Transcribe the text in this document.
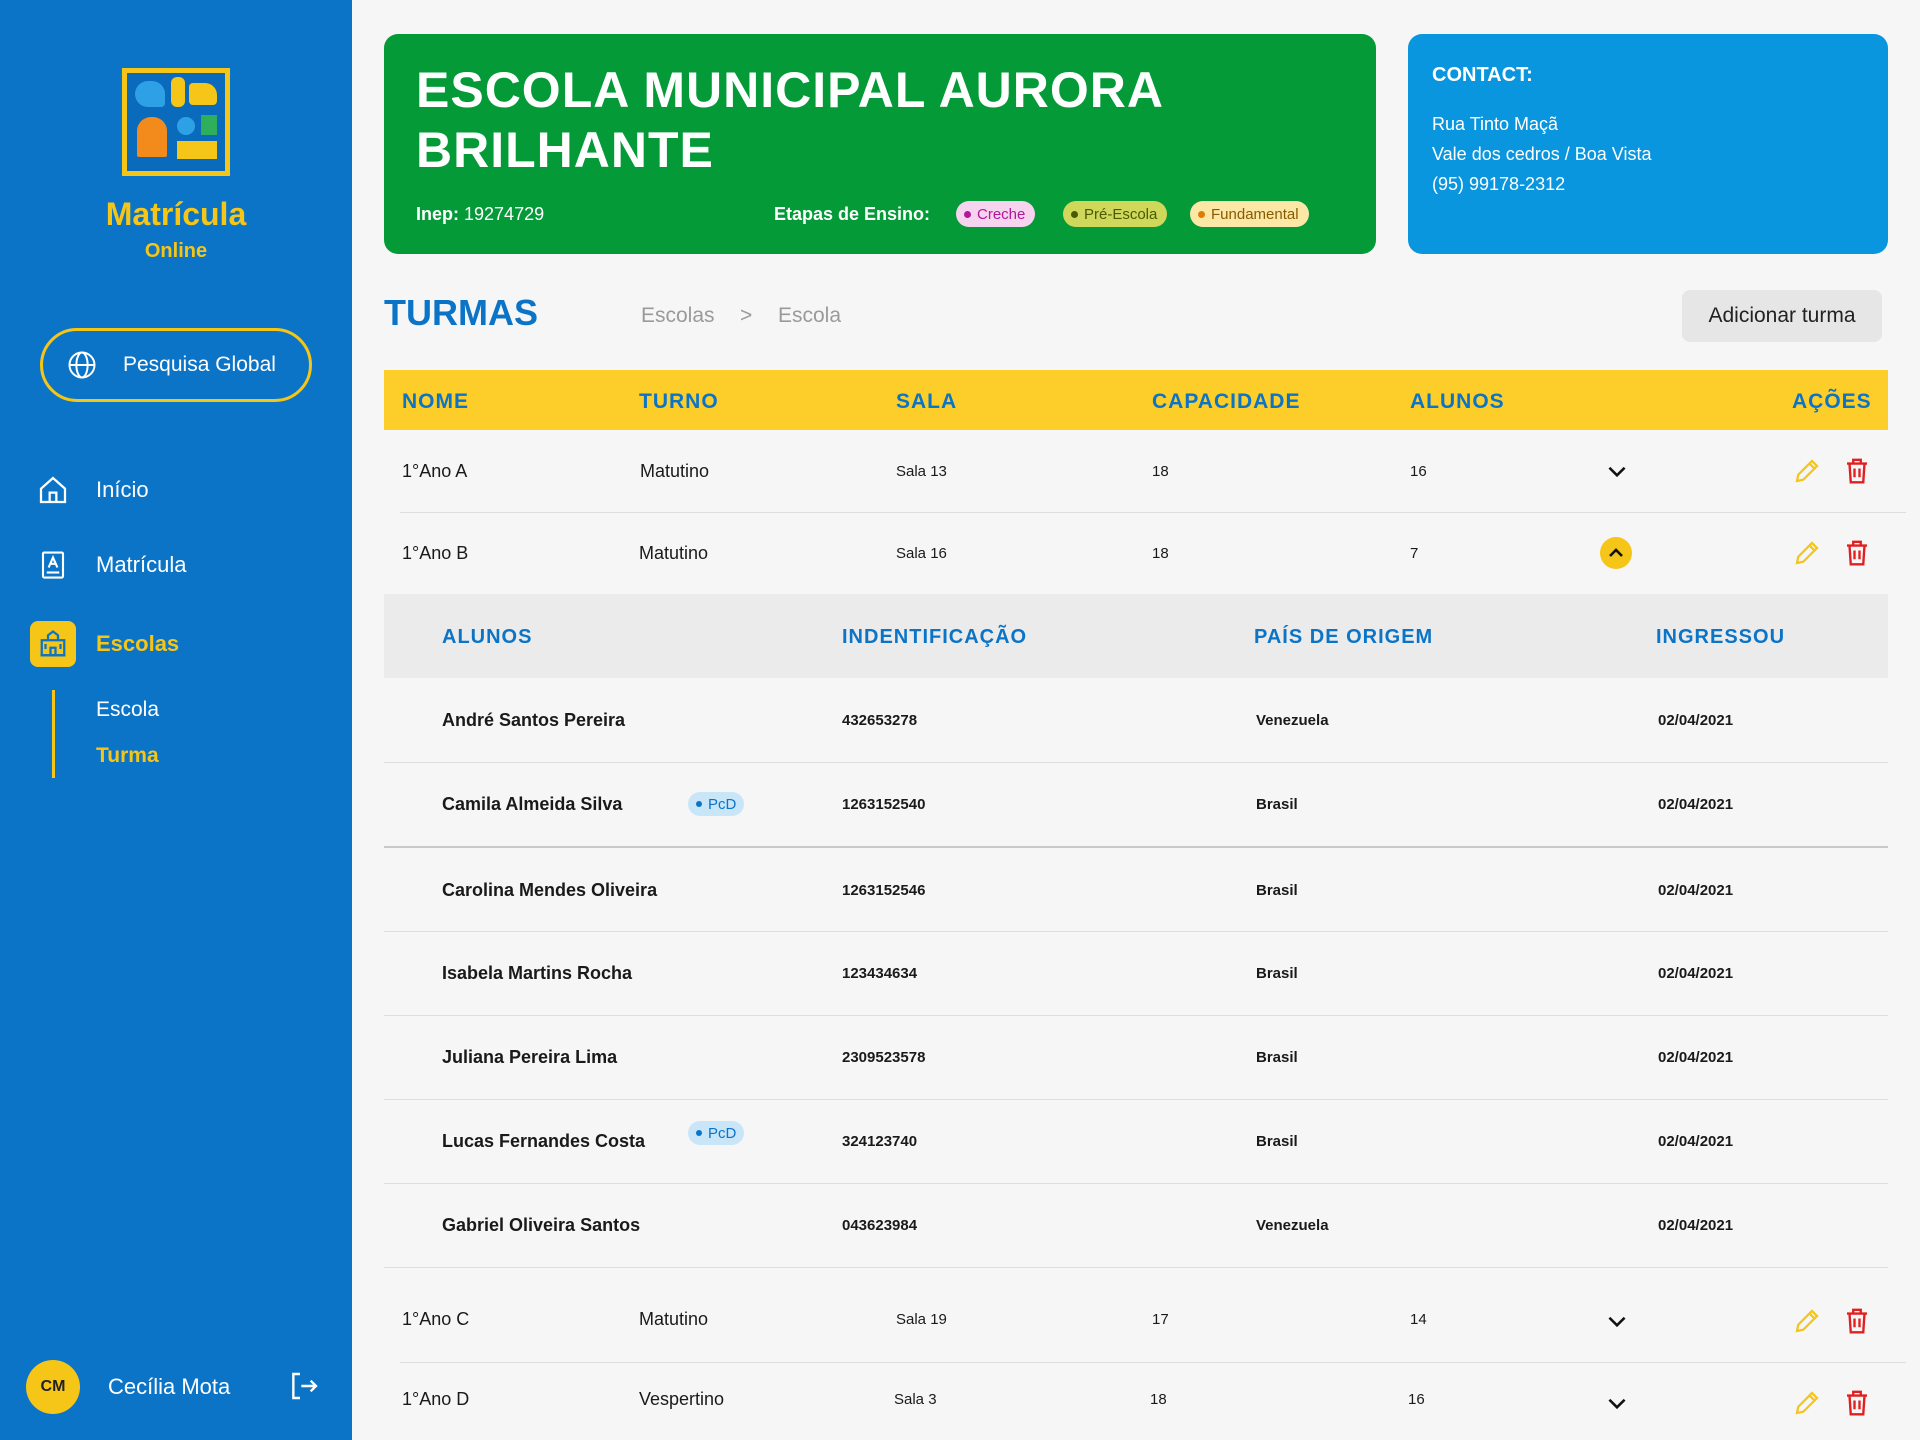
Matrícula
Online
Pesquisa Global
Início
Matrícula
Escolas
Escola
Turma
CM	Cecília Mota
ESCOLA MUNICIPAL AURORA BRILHANTE
Inep: 19274729	Etapas de Ensino:	Creche	Pré-Escola	Fundamental
CONTACT:
Rua Tinto Maçã
Vale dos cedros / Boa Vista
(95) 99178-2312
TURMAS	Escolas > Escola	Adicionar turma
NOME	TURNO	SALA	CAPACIDADE	ALUNOS	AÇÕES
1°Ano A	Matutino	Sala 13	18	16
1°Ano B	Matutino	Sala 16	18	7
ALUNOS	INDENTIFICAÇÃO	PAÍS DE ORIGEM	INGRESSOU
André Santos Pereira	432653278	Venezuela	02/04/2021
Camila Almeida Silva	PcD	1263152540	Brasil	02/04/2021
Carolina Mendes Oliveira	1263152546	Brasil	02/04/2021
Isabela Martins Rocha	123434634	Brasil	02/04/2021
Juliana Pereira Lima	2309523578	Brasil	02/04/2021
Lucas Fernandes Costa	PcD	324123740	Brasil	02/04/2021
Gabriel Oliveira Santos	043623984	Venezuela	02/04/2021
1°Ano C	Matutino	Sala 19	17	14
1°Ano D	Vespertino	Sala 3	18	16
